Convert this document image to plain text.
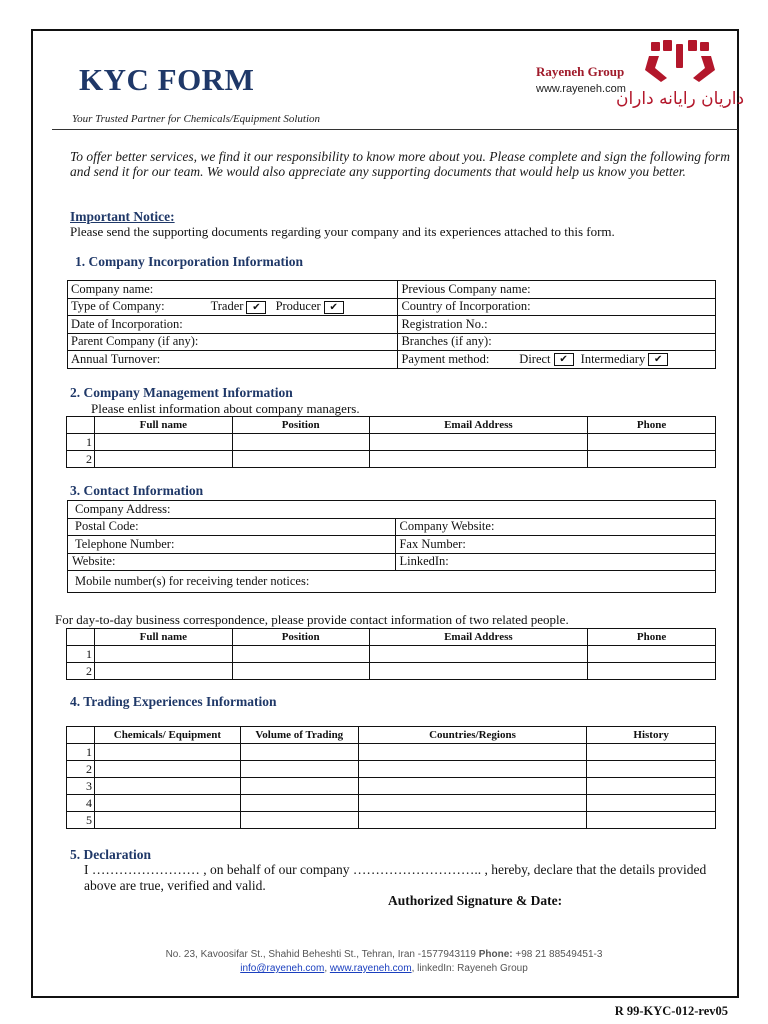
KYC FORM
Your Trusted Partner for Chemicals/Equipment Solution
Rayeneh Group
www.rayeneh.com
داریان رایانه داران
To offer better services, we find it our responsibility to know more about you. Please complete and sign the following form and send it for our team. We would also appreciate any supporting documents that would help us know you better.
Important Notice:
Please send the supporting documents regarding your company and its experiences attached to this form.
1. Company Incorporation Information
Company name:	Previous Company name:
Type of Company: Trader ✔ Producer ✔	Country of Incorporation:
Date of Incorporation:	Registration No.:
Parent Company (if any):	Branches (if any):
Annual Turnover:	Payment method: Direct ✔ Intermediary ✔
2. Company Management Information
Please enlist information about company managers.
	Full name	Position	Email Address	Phone
1				
2				
3. Contact Information
Company Address:	
Postal Code:	Company Website:
Telephone Number:	Fax Number:
Website:	LinkedIn:
Mobile number(s) for receiving tender notices:	
For day-to-day business correspondence, please provide contact information of two related people.
	Full name	Position	Email Address	Phone
1				
2				
4. Trading Experiences Information
	Chemicals/ Equipment	Volume of Trading	Countries/Regions	History
1				
2				
3				
4				
5				
5. Declaration
I …………………… , on behalf of our company ……………………….. , hereby, declare that the details provided above are true, verified and valid.
Authorized Signature & Date:
No. 23, Kavoosifar St., Shahid Beheshti St., Tehran, Iran -1577943119 Phone: +98 21 88549451-3
info@rayeneh.com, www.rayeneh.com, linkedIn: Rayeneh Group
R 99-KYC-012-rev05
